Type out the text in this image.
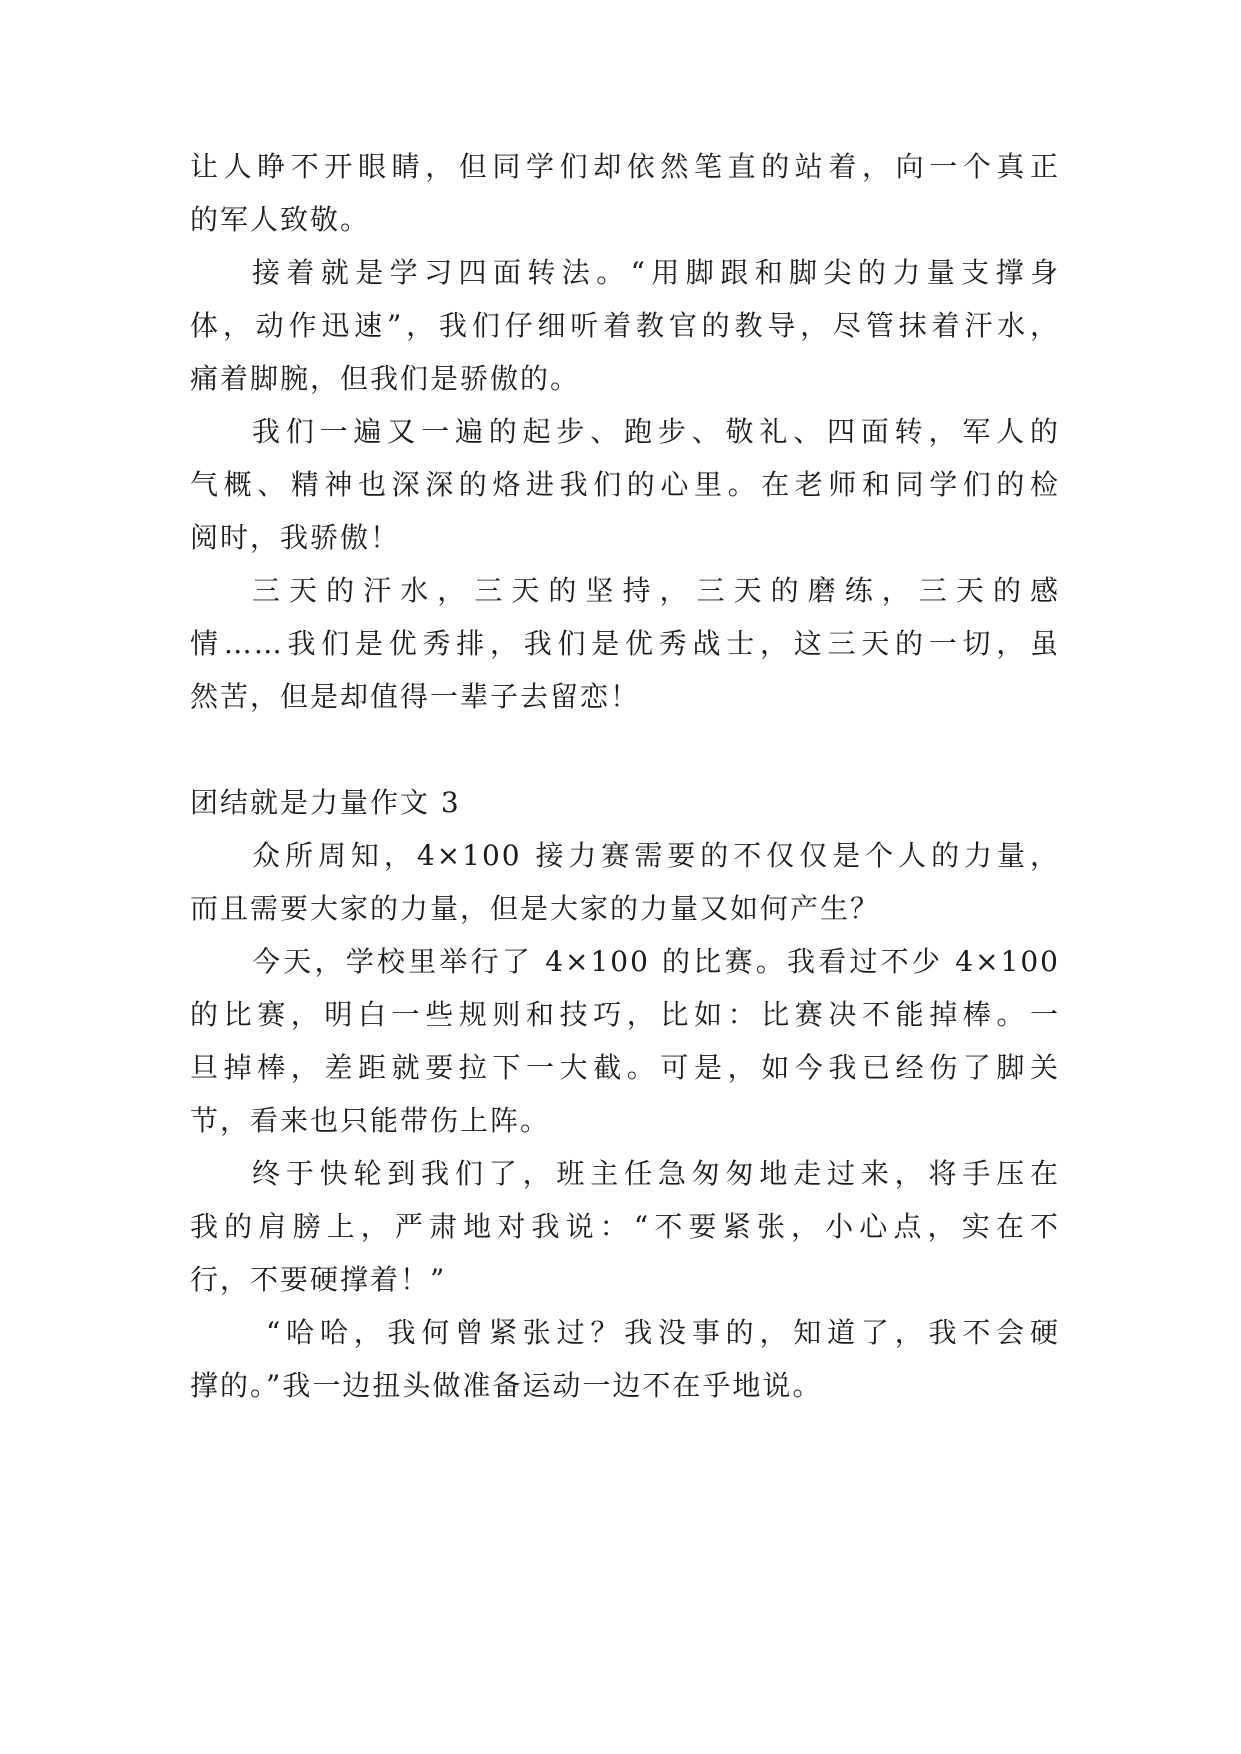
让人睁不开眼睛，但同学们却依然笔直的站着，向一个真正
的军人致敬。
接着就是学习四面转法。“用脚跟和脚尖的力量支撑身
体，动作迅速”，我们仔细听着教官的教导，尽管抹着汗水，
痛着脚腕，但我们是骄傲的。
我们一遍又一遍的起步、跑步、敬礼、四面转，军人的
气概、精神也深深的烙进我们的心里。在老师和同学们的检
阅时，我骄傲！
三天的汗水，三天的坚持，三天的磨练，三天的感
情……我们是优秀排，我们是优秀战士，这三天的一切，虽
然苦，但是却值得一辈子去留恋！
团结就是力量作文 3
众所周知，4×100 接力赛需要的不仅仅是个人的力量，
而且需要大家的力量，但是大家的力量又如何产生？
今天，学校里举行了 4×100 的比赛。我看过不少 4×100
的比赛，明白一些规则和技巧，比如：比赛决不能掉棒。一
旦掉棒，差距就要拉下一大截。可是，如今我已经伤了脚关
节，看来也只能带伤上阵。
终于快轮到我们了，班主任急匆匆地走过来，将手压在
我的肩膀上，严肃地对我说：“不要紧张，小心点，实在不
行，不要硬撑着！”
“哈哈，我何曾紧张过？我没事的，知道了，我不会硬
撑的。”我一边扭头做准备运动一边不在乎地说。
